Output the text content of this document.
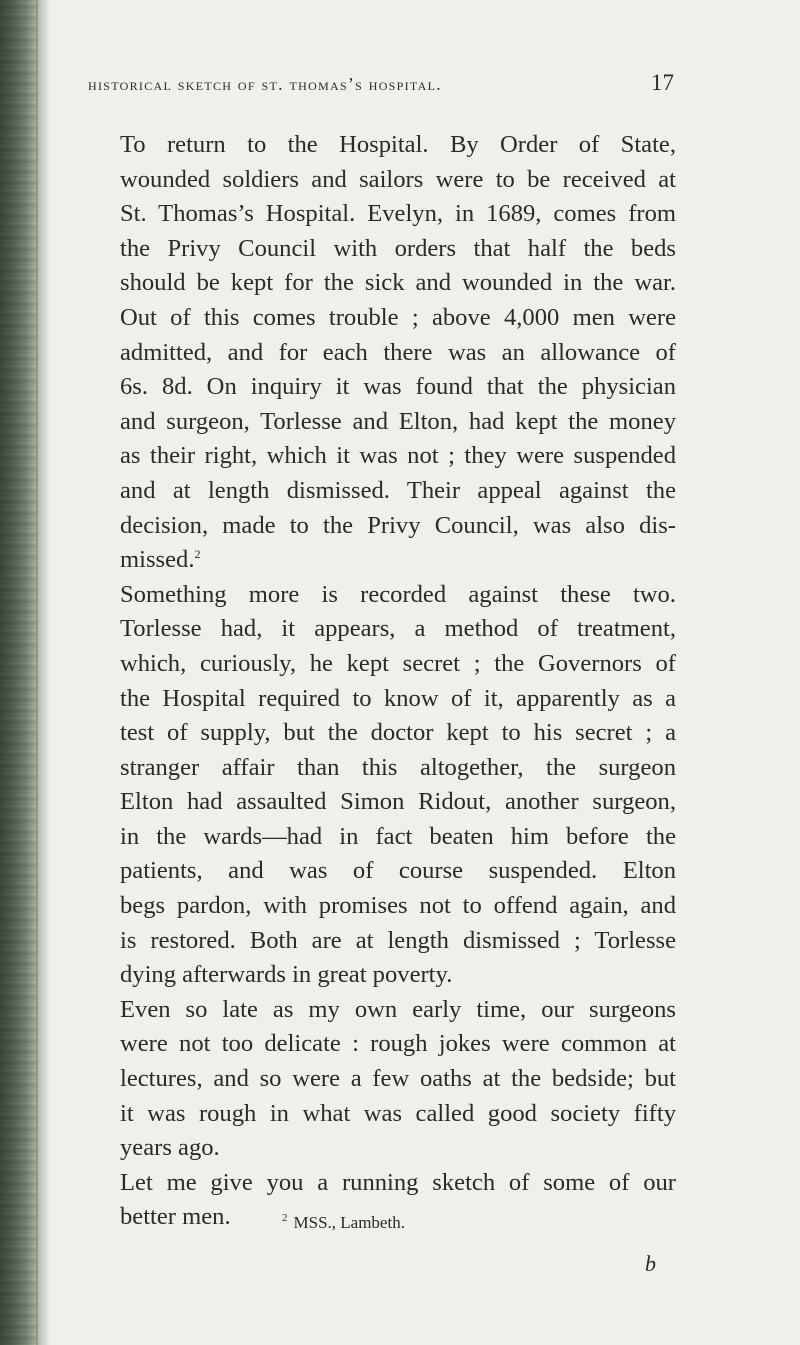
historical sketch of st. thomas’s hospital.	17

To return to the Hospital. By Order of State,
wounded soldiers and sailors were to be received at
St. Thomas’s Hospital. Evelyn, in 1689, comes from
the Privy Council with orders that half the beds
should be kept for the sick and wounded in the war.
Out of this comes trouble ; above 4,000 men were
admitted, and for each there was an allowance of
6s. 8d. On inquiry it was found that the physician
and surgeon, Torlesse and Elton, had kept the money
as their right, which it was not ; they were suspended
and at length dismissed. Their appeal against the
decision, made to the Privy Council, was also dis-
missed.$^2$

Something more is recorded against these two.
Torlesse had, it appears, a method of treatment,
which, curiously, he kept secret ; the Governors of
the Hospital required to know of it, apparently as a
test of supply, but the doctor kept to his secret ; a
stranger affair than this altogether, the surgeon
Elton had assaulted Simon Ridout, another surgeon,
in the wards—had in fact beaten him before the
patients, and was of course suspended. Elton
begs pardon, with promises not to offend again, and
is restored. Both are at length dismissed ; Torlesse
dying afterwards in great poverty.

Even so late as my own early time, our surgeons
were not too delicate : rough jokes were common at
lectures, and so were a few oaths at the bedside; but
it was rough in what was called good society fifty
years ago.

Let me give you a running sketch of some of our
better men.	$^2$ MSS., Lambeth.
b
